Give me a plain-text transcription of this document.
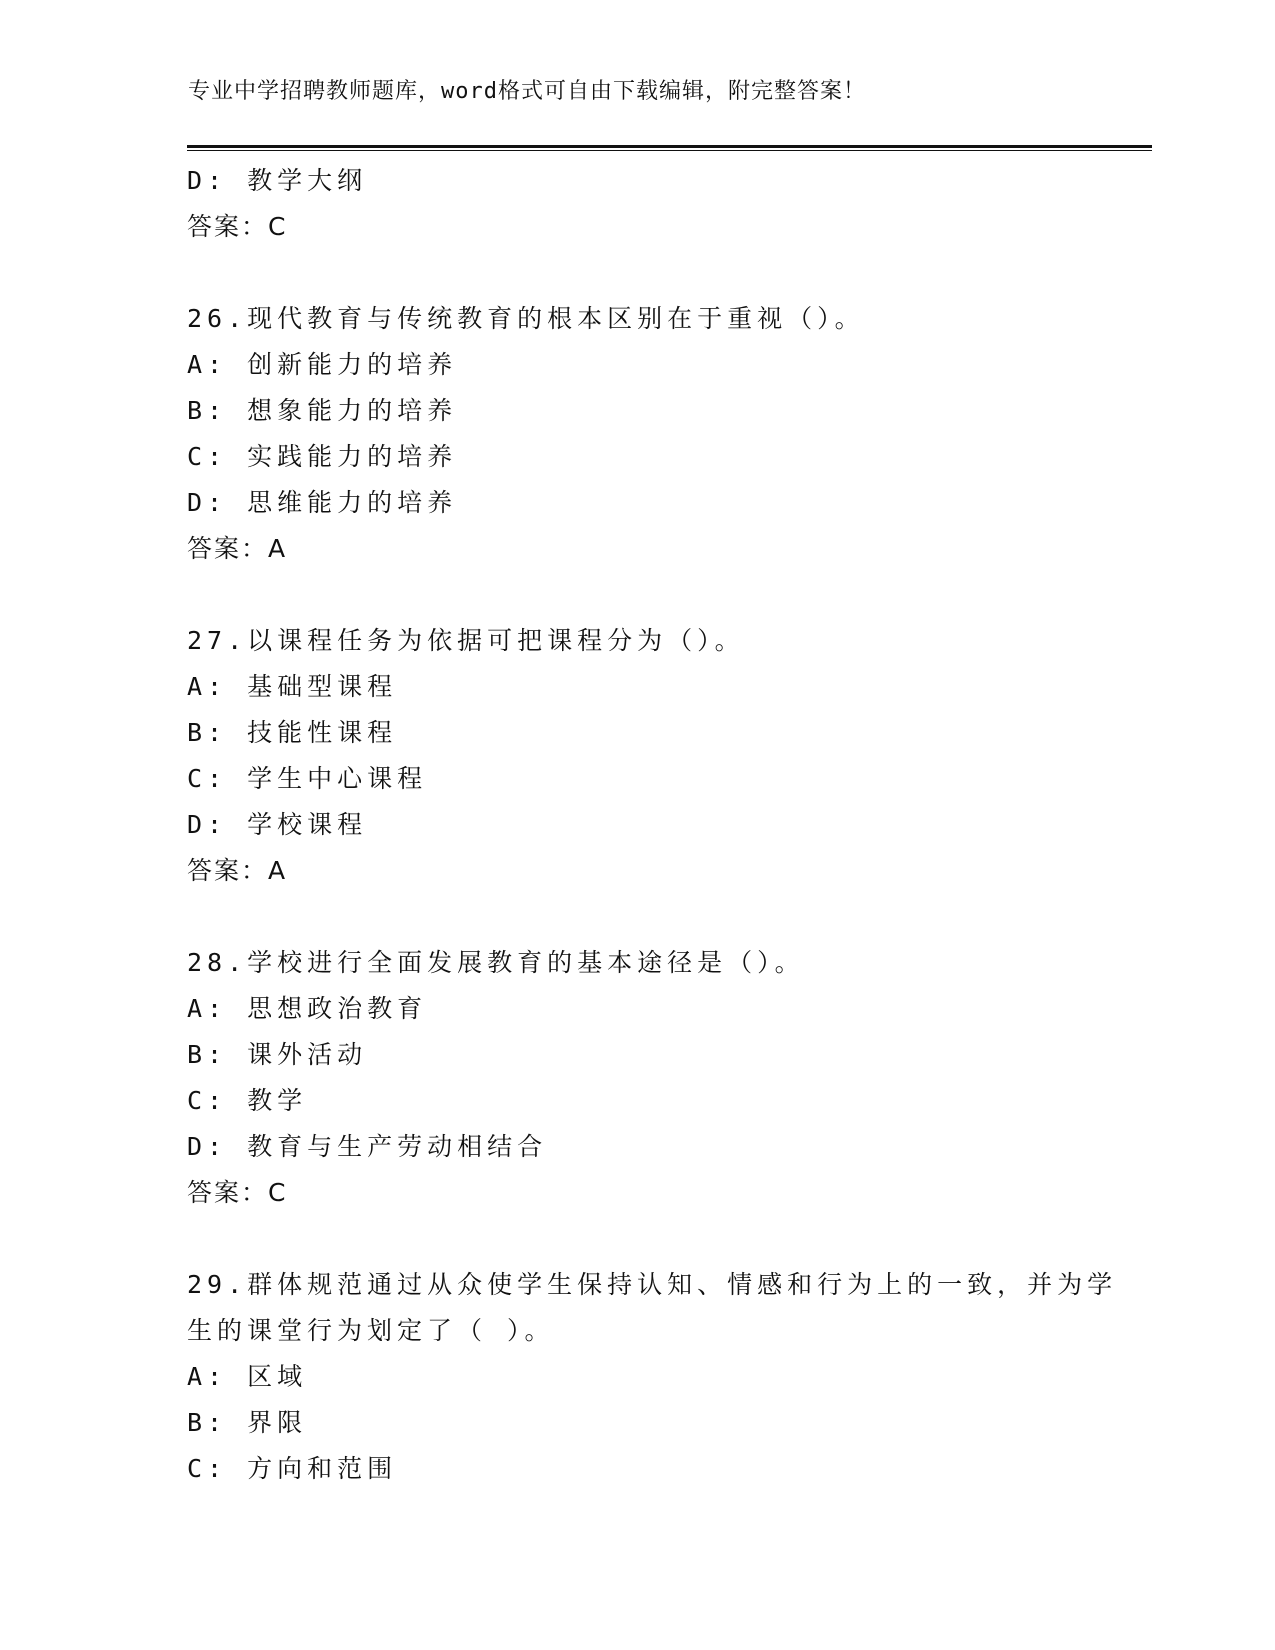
专业中学招聘教师题库，word格式可自由下载编辑，附完整答案！
D: 教学大纲
答案：C
26.现代教育与传统教育的根本区别在于重视（）。
A: 创新能力的培养
B: 想象能力的培养
C: 实践能力的培养
D: 思维能力的培养
答案：A
27.以课程任务为依据可把课程分为（）。
A: 基础型课程
B: 技能性课程
C: 学生中心课程
D: 学校课程
答案：A
28.学校进行全面发展教育的基本途径是（）。
A: 思想政治教育
B: 课外活动
C: 教学
D: 教育与生产劳动相结合
答案：C
29.群体规范通过从众使学生保持认知、情感和行为上的一致，并为学
生的课堂行为划定了（ ）。
A: 区域
B: 界限
C: 方向和范围
